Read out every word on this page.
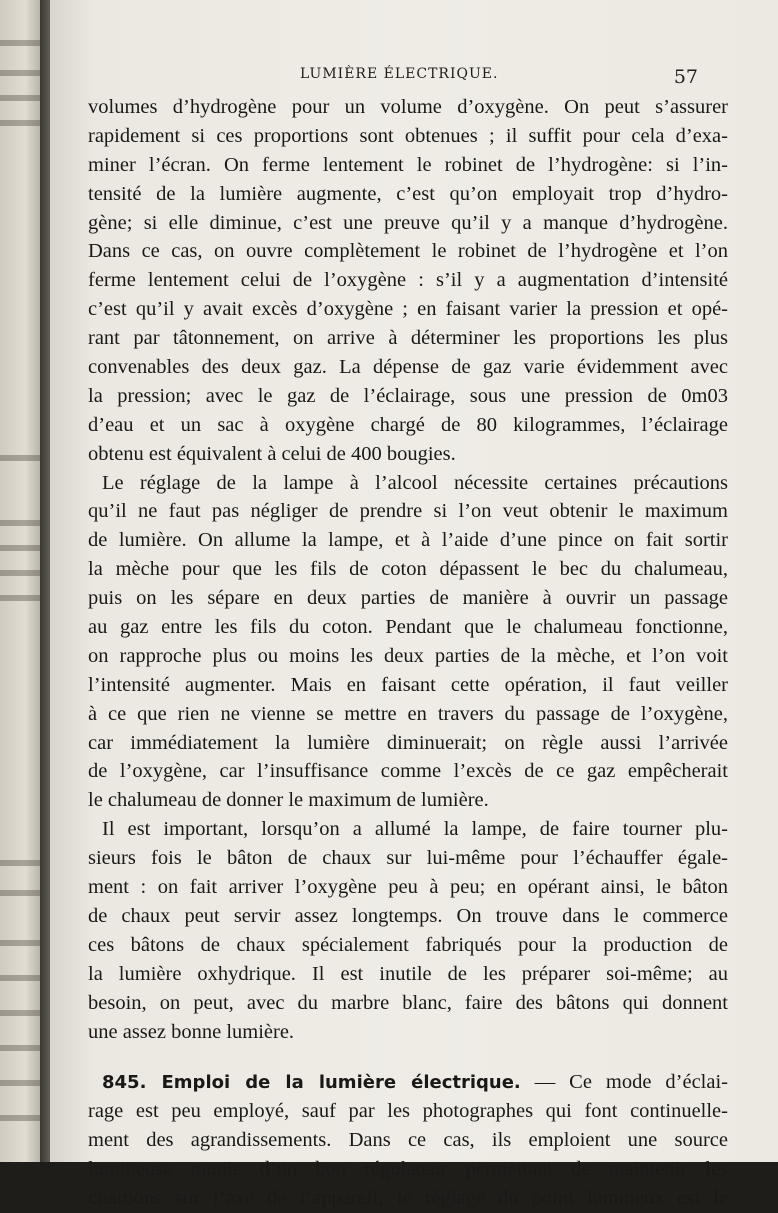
LUMIÈRE ÉLECTRIQUE.	57
volumes d’hydrogène pour un volume d’oxygène. On peut s’assurer
rapidement si ces proportions sont obtenues ; il suffit pour cela d’exa-
miner l’écran. On ferme lentement le robinet de l’hydrogène: si l’in-
tensité de la lumière augmente, c’est qu’on employait trop d’hydro-
gène; si elle diminue, c’est une preuve qu’il y a manque d’hydrogène.
Dans ce cas, on ouvre complètement le robinet de l’hydrogène et l’on
ferme lentement celui de l’oxygène : s’il y a augmentation d’intensité
c’est qu’il y avait excès d’oxygène ; en faisant varier la pression et opé-
rant par tâtonnement, on arrive à déterminer les proportions les plus
convenables des deux gaz. La dépense de gaz varie évidemment avec
la pression; avec le gaz de l’éclairage, sous une pression de 0m03
d’eau et un sac à oxygène chargé de 80 kilogrammes, l’éclairage
obtenu est équivalent à celui de 400 bougies.
Le réglage de la lampe à l’alcool nécessite certaines précautions
qu’il ne faut pas négliger de prendre si l’on veut obtenir le maximum
de lumière. On allume la lampe, et à l’aide d’une pince on fait sortir
la mèche pour que les fils de coton dépassent le bec du chalumeau,
puis on les sépare en deux parties de manière à ouvrir un passage
au gaz entre les fils du coton. Pendant que le chalumeau fonctionne,
on rapproche plus ou moins les deux parties de la mèche, et l’on voit
l’intensité augmenter. Mais en faisant cette opération, il faut veiller
à ce que rien ne vienne se mettre en travers du passage de l’oxygène,
car immédiatement la lumière diminuerait; on règle aussi l’arrivée
de l’oxygène, car l’insuffisance comme l’excès de ce gaz empêcherait
le chalumeau de donner le maximum de lumière.
Il est important, lorsqu’on a allumé la lampe, de faire tourner plu-
sieurs fois le bâton de chaux sur lui-même pour l’échauffer égale-
ment : on fait arriver l’oxygène peu à peu; en opérant ainsi, le bâton
de chaux peut servir assez longtemps. On trouve dans le commerce
ces bâtons de chaux spécialement fabriqués pour la production de
la lumière oxhydrique. Il est inutile de les préparer soi-même; au
besoin, on peut, avec du marbre blanc, faire des bâtons qui donnent
une assez bonne lumière.
845. Emploi de la lumière électrique. — Ce mode d’éclai-
rage est peu employé, sauf par les photographes qui font continuelle-
ment des agrandissements. Dans ce cas, ils emploient une source
lumineuse munie d’un bon régulateur permettant de maintenir les
charbons sur l’axe de l’appareil; le réglage du point lumineux est le
